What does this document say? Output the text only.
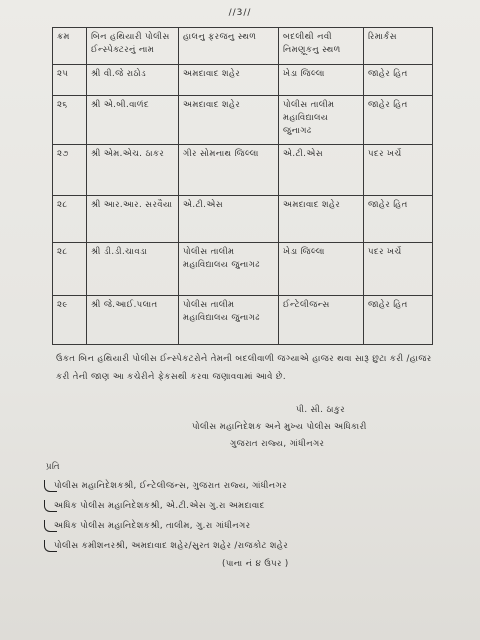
//3//
ક્રમ	બિન હથિયારી પોલીસ ઈન્સ્પેક્ટરનું નામ	હાલનુ ફરજનુ સ્થળ	બદલીથી નવી નિમણૂકનુ સ્થળ	રિમાર્કસ
૨૫	શ્રી વી.જે રાઠોડ	અમદાવાદ શહેર	ખેડા જિલ્લા	જાહેર હિત
૨૬	શ્રી એ.બી.વાળંદ	અમદાવાદ શહેર	પોલીસ તાલીમ મહાવિદ્યાલય જુનાગઢ	જાહેર હિત
૨૭	શ્રી એમ.એચ. ઠાકર	ગીર સોમનાથ જિલ્લા	એ.ટી.એસ	પદર ખર્ચે
૨૮	શ્રી આર.આર. સરવૈયા	એ.ટી.એસ	અમદાવાદ શહેર	જાહેર હિત
૨૮	શ્રી ડી.ડી.ચાવડા	પોલીસ તાલીમ મહાવિદ્યાલય જુનાગઢ	ખેડા જિલ્લા	પદર ખર્ચે
૨૯	શ્રી જે.આઈ.પલાત	પોલીસ તાલીમ મહાવિદ્યાલય જુનાગઢ	ઈન્ટેલીજન્સ	જાહેર હિત
ઉકત બિન હથિયારી પોલીસ ઈન્સ્પેકટરોને તેમની બદલીવાળી જગ્યાએ હાજર થવા સારૂ છુટા કરી /હાજર કરી તેની જાણ આ કચેરીને ફેકસથી કરવા જણાવવામાં આવે છે.
પી. સી. ઠાકુર
પોલીસ મહાનિદેશક અને મુખ્ય પોલીસ અધિકારી
ગુજરાત રાજ્ય, ગાંધીનગર
પ્રતિ
પોલીસ મહાનિદેશકશ્રી, ઈન્ટેલીજન્સ, ગુજરાત રાજ્ય, ગાંધીનગર
અધિક પોલીસ મહાનિદેશકશ્રી, એ.ટી.એસ ગુ.રા અમદાવાદ
અધિક પોલીસ મહાનિદેશકશ્રી, તાલીમ, ગુ.રા ગાંધીનગર
પોલીસ કમીશનરશ્રી, અમદાવાદ શહેર/સુરત શહેર /રાજકોટ શહેર
(પાના નં ૪ ઉપર )
